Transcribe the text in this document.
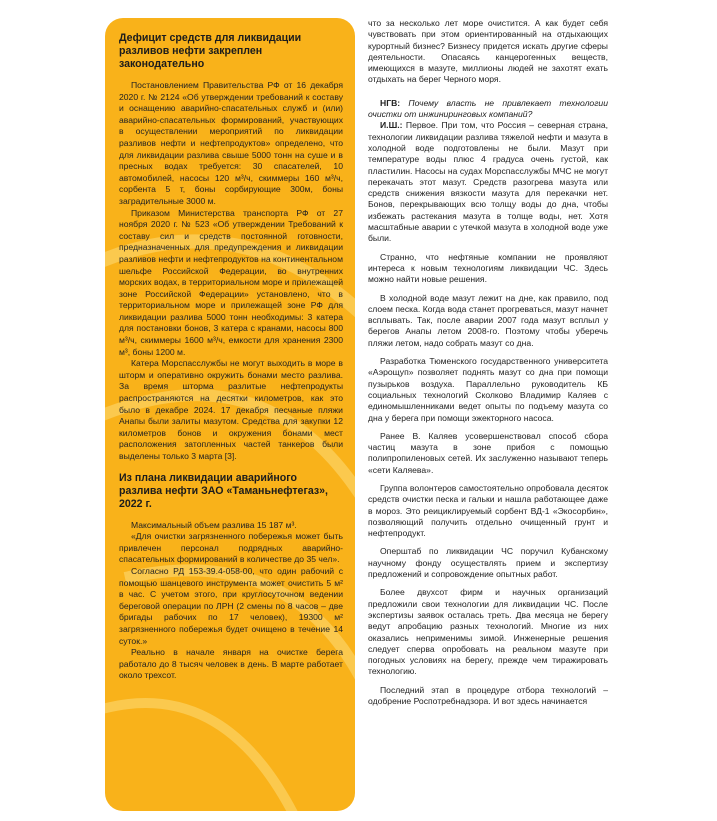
Дефицит средств для ликвидации разливов нефти закреплен законодательно

Постановлением Правительства РФ от 16 декабря 2020 г. № 2124 «Об утверждении требований к составу и оснащению аварийно-спасательных служб и (или) аварийно-спасательных формирований, участвующих в осуществлении мероприятий по ликвидации разливов нефти и нефтепродуктов» определено, что для ликвидации разлива свыше 5000 тонн на суше и в пресных водах требуется: 30 спасателей, 10 автомобилей, насосы 120 м³/ч, скиммеры 160 м³/ч, сорбента 5 т, боны сорбирующие 300м, боны заградительные 3000 м.

Приказом Министерства транспорта РФ от 27 ноября 2020 г. № 523 «Об утверждении Требований к составу сил и средств постоянной готовности, предназначенных для предупреждения и ликвидации разливов нефти и нефтепродуктов на континентальном шельфе Российской Федерации, во внутренних морских водах, в территориальном море и прилежащей зоне Российской Федерации» установлено, что в территориальном море и прилежащей зоне РФ для ликвидации разлива 5000 тонн необходимы: 3 катера для постановки бонов, 3 катера с кранами, насосы 800 м³/ч, скиммеры 1600 м³/ч, емкости для хранения 2300 м³, боны 1200 м.

Катера Морспасслужбы не могут выходить в море в шторм и оперативно окружить бонами место разлива. За время шторма разлитые нефтепродукты распространяются на десятки километров, как это было в декабре 2024. 17 декабря песчаные пляжи Анапы были залиты мазутом. Средства для закупки 12 километров бонов и окружения бонами мест расположения затопленных частей танкеров были выделены только 3 марта [3].

Из плана ликвидации аварийного разлива нефти ЗАО «Таманьнефтегаз», 2022 г.

Максимальный объем разлива 15 187 м³.

«Для очистки загрязненного побережья может быть привлечен персонал подрядных аварийно-спасательных формирований в количестве до 35 чел».

Согласно РД 153-39.4-058-00, что один рабочий с помощью шанцевого инструмента может очистить 5 м² в час. С учетом этого, при круглосуточном ведении береговой операции по ЛРН (2 смены по 8 часов – две бригады рабочих по 17 человек), 19300 м² загрязненного побережья будет очищено в течение 14 суток.»

Реально в начале января на очистке берега работало до 8 тысяч человек в день. В марте работает около трехсот.

что за несколько лет море очистится. А как будет себя чувствовать при этом ориентированный на отдыхающих курортный бизнес? Бизнесу придется искать другие сферы деятельности. Опасаясь канцерогенных веществ, имеющихся в мазуте, миллионы людей не захотят ехать отдыхать на берег Черного моря.

НГВ: Почему власть не привлекает технологии очистки от инжиниринговых компаний?

И.Ш.: Первое. При том, что Россия – северная страна, технологии ликвидации разлива тяжелой нефти и мазута в холодной воде подготовлены не были. Мазут при температуре воды плюс 4 градуса очень густой, как пластилин. Насосы на судах Морспасслужбы МЧС не могут перекачать этот мазут. Средств разогрева мазута или средств снижения вязкости мазута для перекачки нет. Бонов, перекрывающих всю толщу воды до дна, чтобы избежать растекания мазута в толще воды, нет. Хотя масштабные аварии с утечкой мазута в холодной воде уже были.

Странно, что нефтяные компании не проявляют интереса к новым технологиям ликвидации ЧС. Здесь можно найти новые решения.

В холодной воде мазут лежит на дне, как правило, под слоем песка. Когда вода станет прогреваться, мазут начнет всплывать. Так, после аварии 2007 года мазут всплыл у берегов Анапы летом 2008-го. Поэтому чтобы уберечь пляжи летом, надо собрать мазут со дна.

Разработка Тюменского государственного университета «Аэрощуп» позволяет поднять мазут со дна при помощи пузырьков воздуха. Параллельно руководитель КБ социальных технологий Сколково Владимир Каляев с единомышленниками ведет опыты по подъему мазута со дна у берега при помощи эжекторного насоса.

Ранее В. Каляев усовершенствовал способ сбора частиц мазута в зоне прибоя с помощью полипропиленовых сетей. Их заслуженно называют теперь «сети Каляева».

Группа волонтеров самостоятельно опробовала десяток средств очистки песка и гальки и нашла работающее даже в мороз. Это реициклируемый сорбент ВД-1 «Экосорбин», позволяющий получить отдельно очищенный грунт и нефтепродукт.

Оперштаб по ликвидации ЧС поручил Кубанскому научному фонду осуществлять прием и экспертизу предложений и сопровождение опытных работ.

Более двухсот фирм и научных организаций предложили свои технологии для ликвидации ЧС. После экспертизы заявок осталась треть. Два месяца не берегу ведут апробацию разных технологий. Многие из них оказались неприменимы зимой. Инженерные решения следует сперва опробовать на реальном мазуте при погодных условиях на берегу, прежде чем тиражировать технологию.

Последний этап в процедуре отбора технологий – одобрение Роспотребнадзора. И вот здесь начинается
